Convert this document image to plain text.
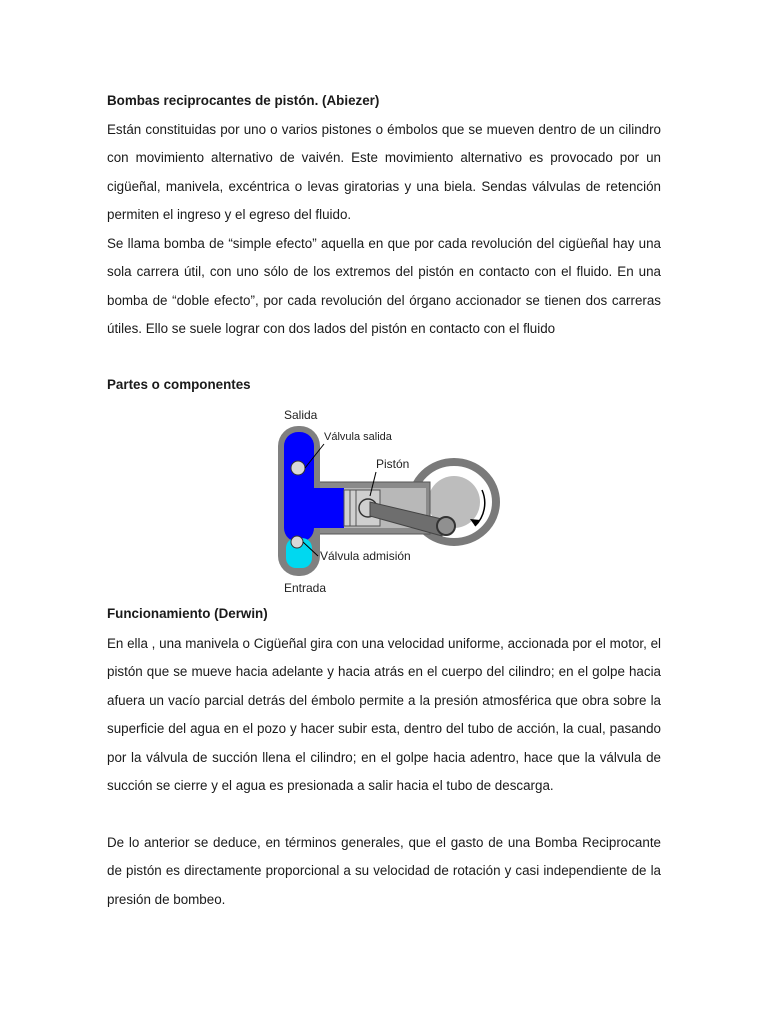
Bombas reciprocantes de pistón. (Abiezer)

Están constituidas por uno o varios pistones o émbolos que se mueven dentro de un cilindro con movimiento alternativo de vaivén. Este movimiento alternativo es provocado por un cigüeñal, manivela, excéntrica o levas giratorias y una biela. Sendas válvulas de retención permiten el ingreso y el egreso del fluido.

Se llama bomba de “simple efecto” aquella en que por cada revolución del cigüeñal hay una sola carrera útil, con uno sólo de los extremos del pistón en contacto con el fluido. En una bomba de “doble efecto”, por cada revolución del órgano accionador se tienen dos carreras útiles. Ello se suele lograr con dos lados del pistón en contacto con el fluido

Partes o componentes
Funcionamiento (Derwin)

En ella , una manivela o Cigüeñal gira con una velocidad uniforme, accionada por el motor, el pistón que se mueve hacia adelante y hacia atrás en el cuerpo del cilindro; en el golpe hacia afuera un vacío parcial detrás del émbolo permite a la presión atmosférica que obra sobre la superficie del agua en el pozo y hacer subir esta, dentro del tubo de acción, la cual, pasando por la válvula de succión llena el cilindro; en el golpe hacia adentro, hace que la válvula de succión se cierre y el agua es presionada a salir hacia el tubo de descarga.

De lo anterior se deduce, en términos generales, que el gasto de una Bomba Reciprocante de pistón es directamente proporcional a su velocidad de rotación y casi independiente de la presión de bombeo.

Salida
Válvula salida
Pistón
Válvula admisión
Entrada
